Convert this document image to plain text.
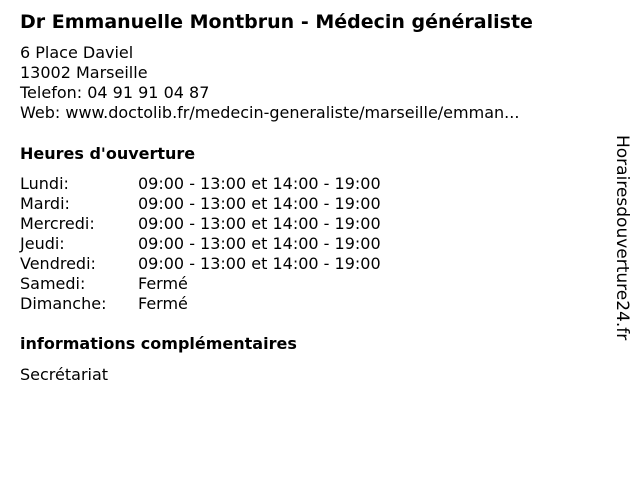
Dr Emmanuelle Montbrun - Médecin généraliste
6 Place Daviel
13002 Marseille
Telefon: 04 91 91 04 87
Web: www.doctolib.fr/medecin-generaliste/marseille/emman...
Heures d'ouverture
Lundi:	09:00 - 13:00 et 14:00 - 19:00
Mardi:	09:00 - 13:00 et 14:00 - 19:00
Mercredi:	09:00 - 13:00 et 14:00 - 19:00
Jeudi:	09:00 - 13:00 et 14:00 - 19:00
Vendredi:	09:00 - 13:00 et 14:00 - 19:00
Samedi:	Fermé
Dimanche: Fermé
informations complémentaires
Secrétariat
Horairesdouverture24.fr
